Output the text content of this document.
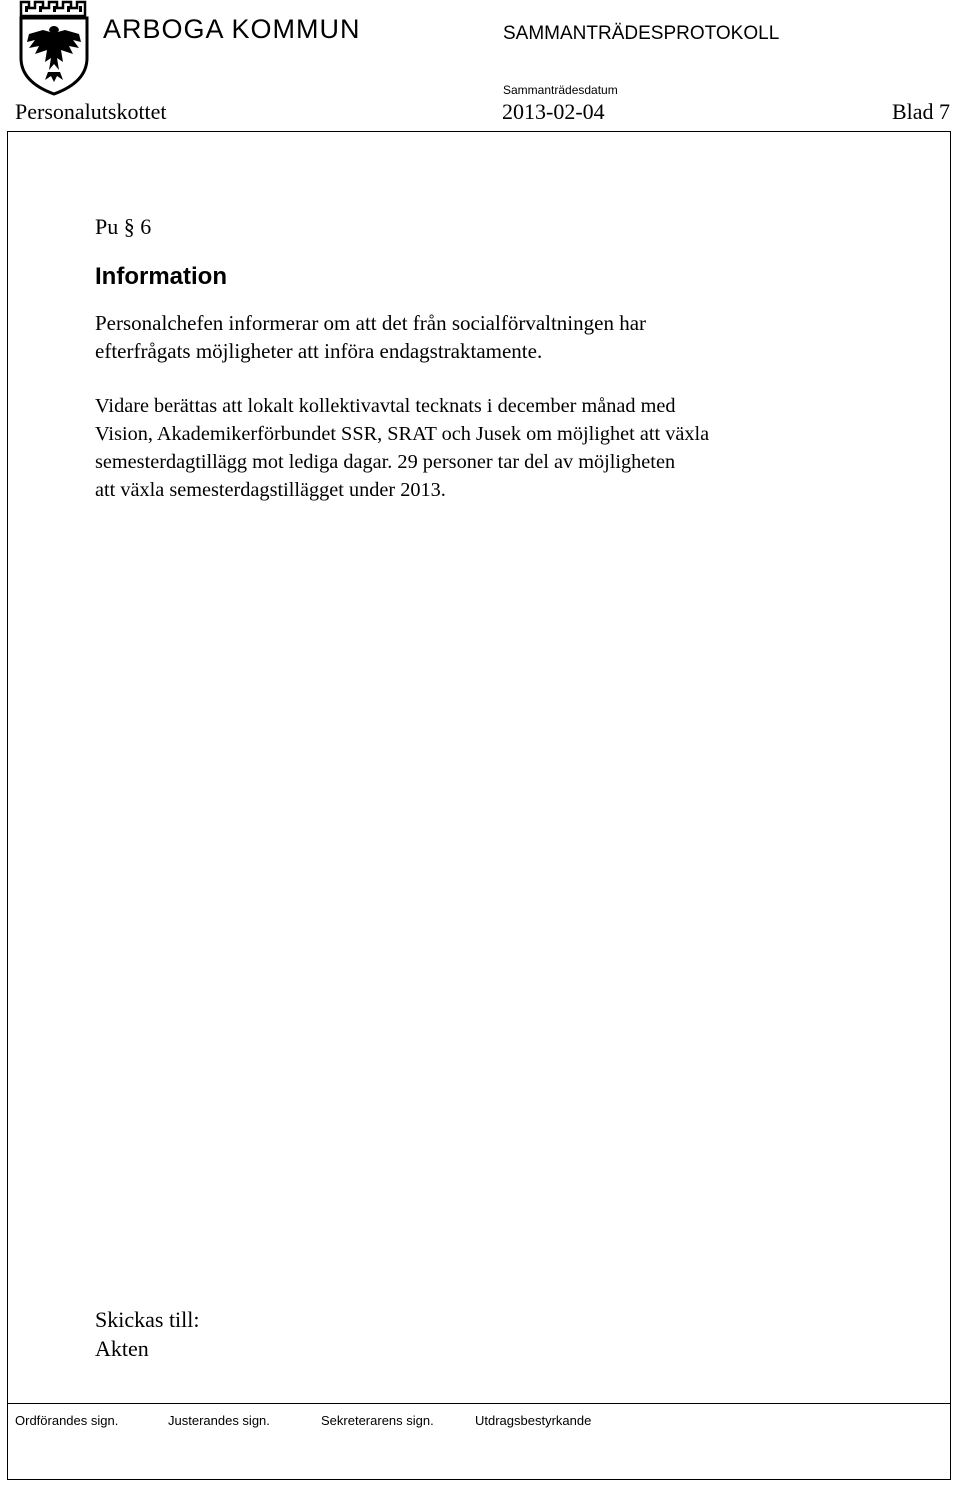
ARBOGA KOMMUN	SAMMANTRÄDESPROTOKOLL
Sammanträdesdatum
Personalutskottet	2013-02-04	Blad 7
Pu § 6
Information

Personalchefen informerar om att det från socialförvaltningen har

efterfrågats möjligheter att införa endagstraktamente.

Vidare berättas att lokalt kollektivavtal tecknats i december månad med

Vision, Akademikerförbundet SSR, SRAT och Jusek om möjlighet att växla

semesterdagtillägg mot lediga dagar. 29 personer tar del av möjligheten

att växla semesterdagstillägget under 2013.

Skickas till:
Akten
Ordförandes sign.	Justerandes sign.	Sekreterarens sign.	Utdragsbestyrkande
